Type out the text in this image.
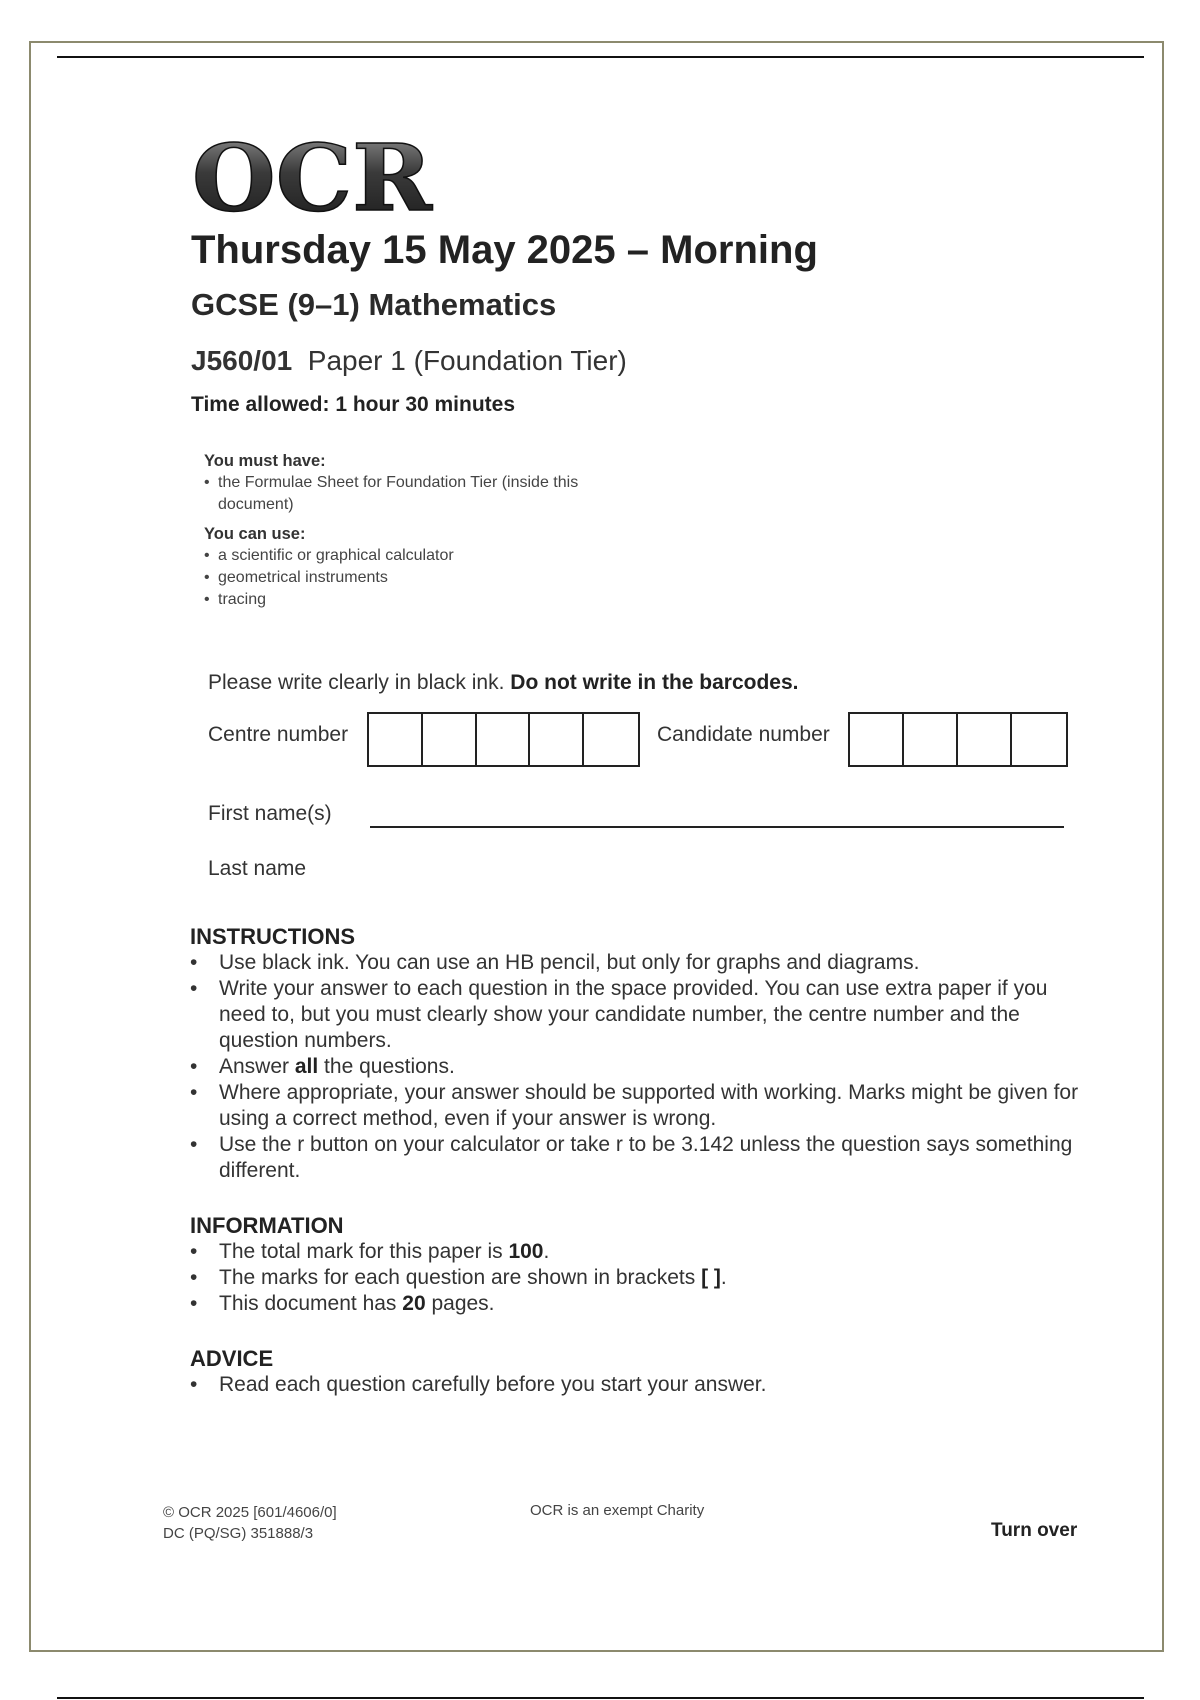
OCR
Thursday 15 May 2025 – Morning
GCSE (9–1) Mathematics
J560/01 Paper 1 (Foundation Tier)
Time allowed: 1 hour 30 minutes
You must have:
• the Formulae Sheet for Foundation Tier (inside this document)
You can use:
• a scientific or graphical calculator
• geometrical instruments
• tracing
Please write clearly in black ink. Do not write in the barcodes.
Centre number	Candidate number
First name(s)
Last name
INSTRUCTIONS
• Use black ink. You can use an HB pencil, but only for graphs and diagrams.
• Write your answer to each question in the space provided. You can use extra paper if you need to, but you must clearly show your candidate number, the centre number and the question numbers.
• Answer all the questions.
• Where appropriate, your answer should be supported with working. Marks might be given for using a correct method, even if your answer is wrong.
• Use the r button on your calculator or take r to be 3.142 unless the question says something different.
INFORMATION
• The total mark for this paper is 100.
• The marks for each question are shown in brackets [ ].
• This document has 20 pages.
ADVICE
• Read each question carefully before you start your answer.
© OCR 2025 [601/4606/0]
DC (PQ/SG) 351888/3
OCR is an exempt Charity
Turn over
